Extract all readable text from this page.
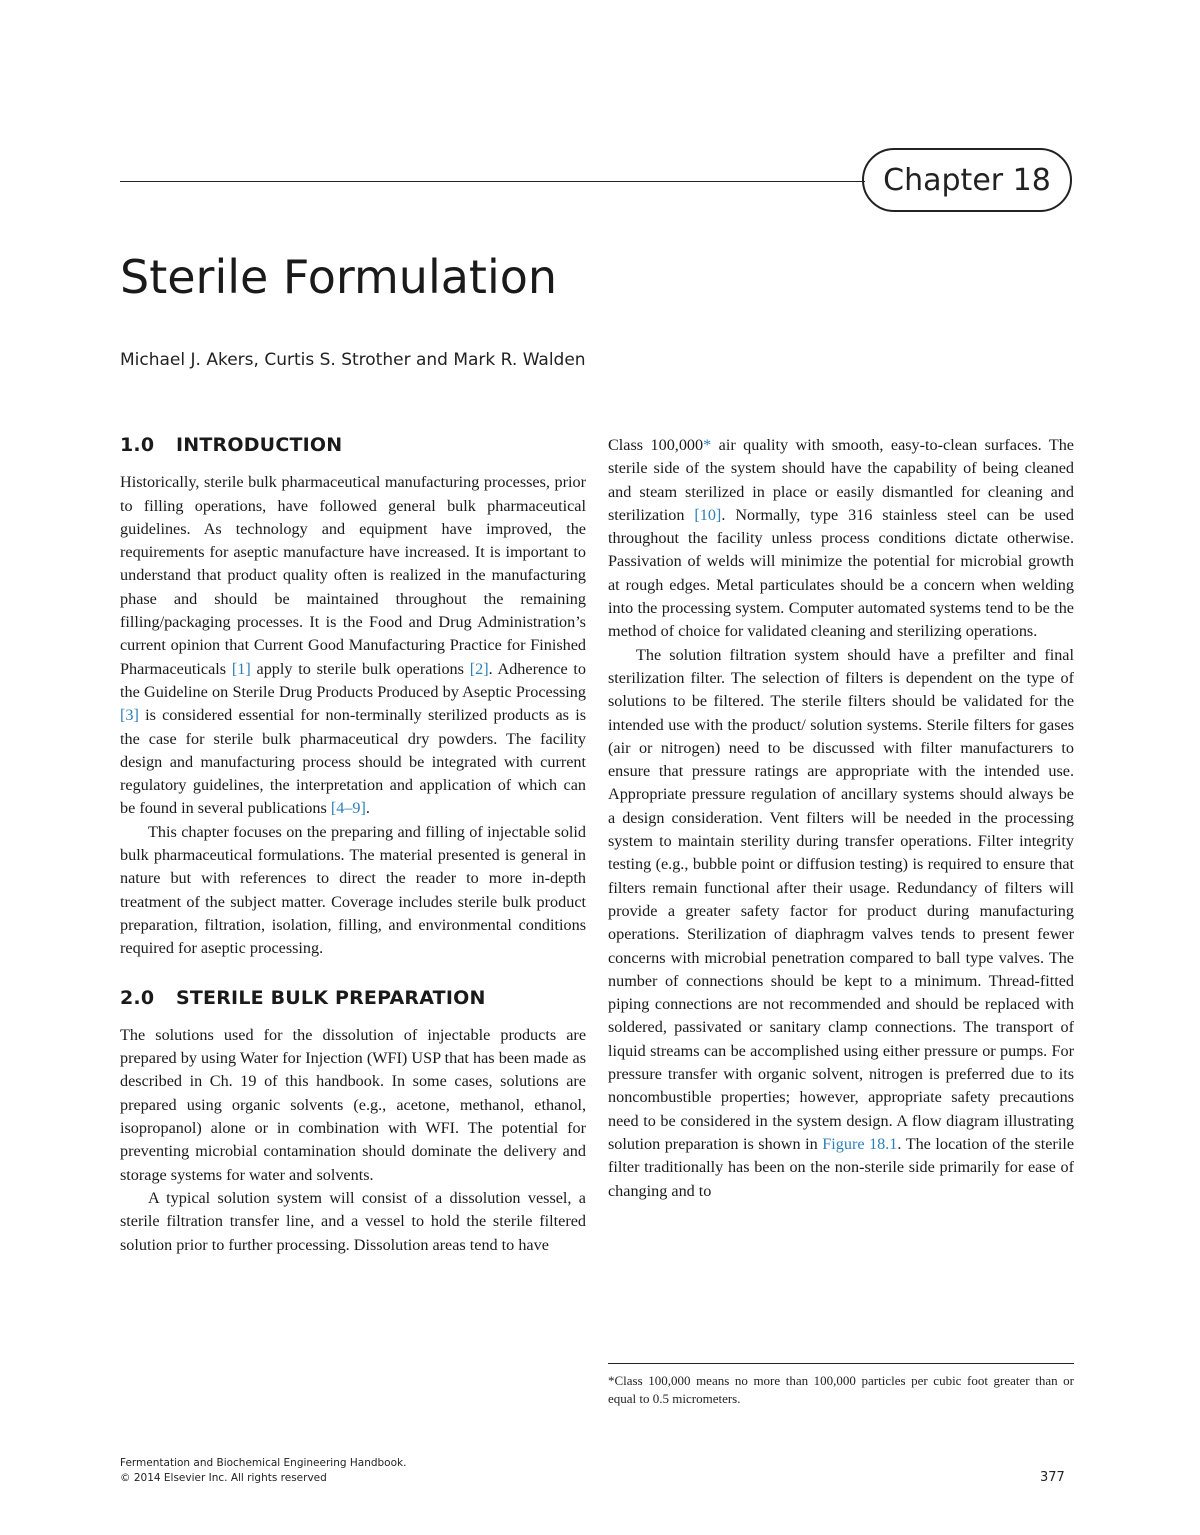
Chapter 18
Sterile Formulation
Michael J. Akers, Curtis S. Strother and Mark R. Walden
1.0 INTRODUCTION

Historically, sterile bulk pharmaceutical manufacturing processes, prior to filling operations, have followed general bulk pharmaceutical guidelines. As technology and equipment have improved, the requirements for aseptic manufacture have increased. It is important to understand that product quality often is realized in the manufacturing phase and should be maintained throughout the remaining filling/packaging processes. It is the Food and Drug Administration’s current opinion that Current Good Manufacturing Practice for Finished Pharmaceuticals [1] apply to sterile bulk operations [2]. Adherence to the Guideline on Sterile Drug Products Produced by Aseptic Processing [3] is considered essential for non-terminally sterilized products as is the case for sterile bulk pharmaceutical dry powders. The facility design and manufacturing process should be integrated with current regulatory guidelines, the interpretation and application of which can be found in several publications [4–9].

This chapter focuses on the preparing and filling of injectable solid bulk pharmaceutical formulations. The material presented is general in nature but with references to direct the reader to more in-depth treatment of the subject matter. Coverage includes sterile bulk product preparation, filtration, isolation, filling, and environmental conditions required for aseptic processing.

2.0 STERILE BULK PREPARATION

The solutions used for the dissolution of injectable products are prepared by using Water for Injection (WFI) USP that has been made as described in Ch. 19 of this handbook. In some cases, solutions are prepared using organic solvents (e.g., acetone, methanol, ethanol, isopropanol) alone or in combination with WFI. The potential for preventing microbial contamination should dominate the delivery and storage systems for water and solvents.

A typical solution system will consist of a dissolution vessel, a sterile filtration transfer line, and a vessel to hold the sterile filtered solution prior to further processing. Dissolution areas tend to have

Class 100,000* air quality with smooth, easy-to-clean surfaces. The sterile side of the system should have the capability of being cleaned and steam sterilized in place or easily dismantled for cleaning and sterilization [10]. Normally, type 316 stainless steel can be used throughout the facility unless process conditions dictate otherwise. Passivation of welds will minimize the potential for microbial growth at rough edges. Metal particulates should be a concern when welding into the processing system. Computer automated systems tend to be the method of choice for validated cleaning and sterilizing operations.

The solution filtration system should have a prefilter and final sterilization filter. The selection of filters is dependent on the type of solutions to be filtered. The sterile filters should be validated for the intended use with the product/ solution systems. Sterile filters for gases (air or nitrogen) need to be discussed with filter manufacturers to ensure that pressure ratings are appropriate with the intended use. Appropriate pressure regulation of ancillary systems should always be a design consideration. Vent filters will be needed in the processing system to maintain sterility during transfer operations. Filter integrity testing (e.g., bubble point or diffusion testing) is required to ensure that filters remain functional after their usage. Redundancy of filters will provide a greater safety factor for product during manufacturing operations. Sterilization of diaphragm valves tends to present fewer concerns with microbial penetration compared to ball type valves. The number of connections should be kept to a minimum. Thread-fitted piping connections are not recommended and should be replaced with soldered, passivated or sanitary clamp connections. The transport of liquid streams can be accomplished using either pressure or pumps. For pressure transfer with organic solvent, nitrogen is preferred due to its noncombustible properties; however, appropriate safety precautions need to be considered in the system design. A flow diagram illustrating solution preparation is shown in Figure 18.1. The location of the sterile filter traditionally has been on the non-sterile side primarily for ease of changing and to

*Class 100,000 means no more than 100,000 particles per cubic foot greater than or equal to 0.5 micrometers.
Fermentation and Biochemical Engineering Handbook.
© 2014 Elsevier Inc. All rights reserved	377
